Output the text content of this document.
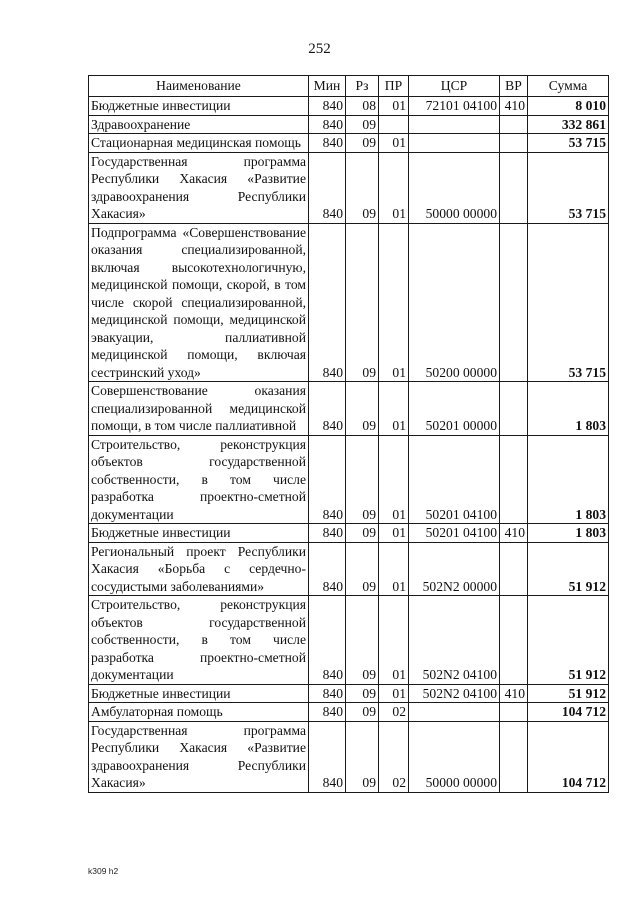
252
Наименование	Мин	Рз	ПР	ЦСР	ВР	Сумма
Бюджетные инвестиции	840	08	01	72101 04100	410	8 010
Здравоохранение	840	09				332 861
Стационарная медицинская помощь	840	09	01			53 715
Государственная программа Республики Хакасия «Развитие здравоохранения Республики Хакасия»	840	09	01	50000 00000		53 715
Подпрограмма «Совершенствование оказания специализированной, включая высокотехнологичную, медицинской помощи, скорой, в том числе скорой специализированной, медицинской помощи, медицинской эвакуации, паллиативной медицинской помощи, включая сестринский уход»	840	09	01	50200 00000		53 715
Совершенствование оказания специализированной медицинской помощи, в том числе паллиативной	840	09	01	50201 00000		1 803
Строительство, реконструкция объектов государственной собственности, в том числе разработка проектно-сметной документации	840	09	01	50201 04100		1 803
Бюджетные инвестиции	840	09	01	50201 04100	410	1 803
Региональный проект Республики Хакасия «Борьба с сердечно-сосудистыми заболеваниями»	840	09	01	502N2 00000		51 912
Строительство, реконструкция объектов государственной собственности, в том числе разработка проектно-сметной документации	840	09	01	502N2 04100		51 912
Бюджетные инвестиции	840	09	01	502N2 04100	410	51 912
Амбулаторная помощь	840	09	02			104 712
Государственная программа Республики Хакасия «Развитие здравоохранения Республики Хакасия»	840	09	02	50000 00000		104 712
k309 h2
